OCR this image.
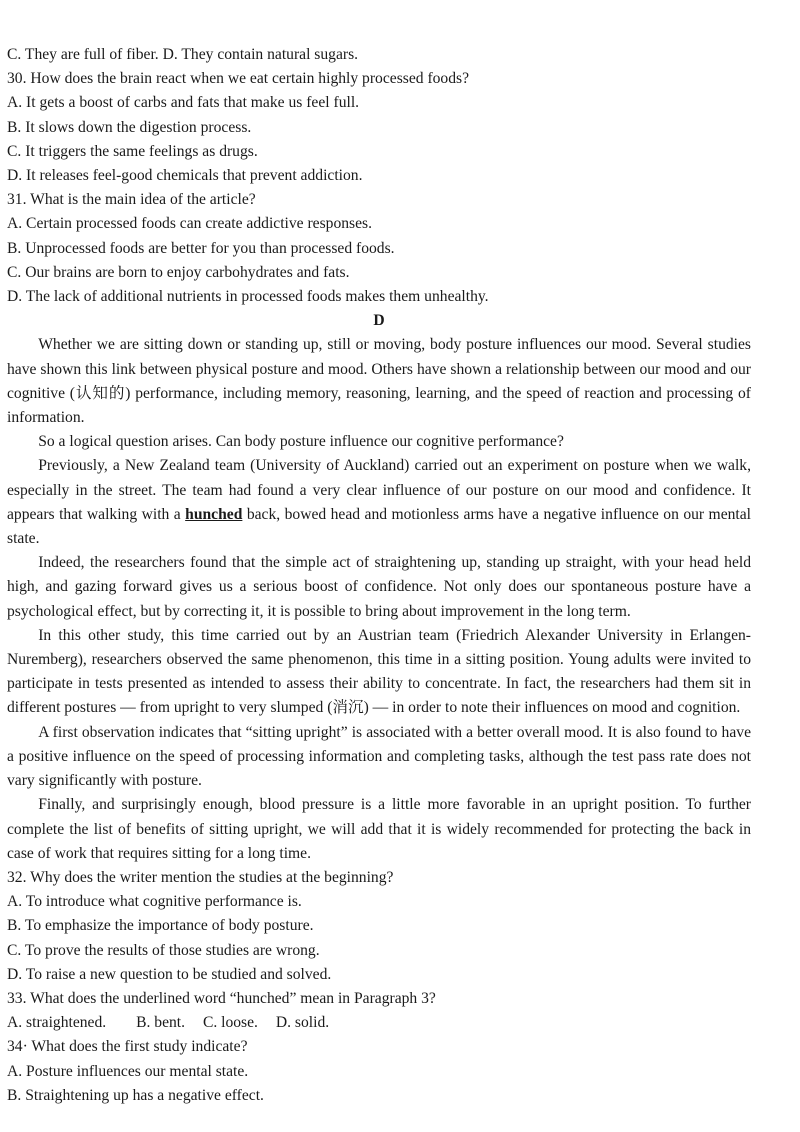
C. They are full of fiber. D. They contain natural sugars.
30. How does the brain react when we eat certain highly processed foods?
A. It gets a boost of carbs and fats that make us feel full.
B. It slows down the digestion process.
C. It triggers the same feelings as drugs.
D. It releases feel-good chemicals that prevent addiction.
31. What is the main idea of the article?
A. Certain processed foods can create addictive responses.
B. Unprocessed foods are better for you than processed foods.
C. Our brains are born to enjoy carbohydrates and fats.
D. The lack of additional nutrients in processed foods makes them unhealthy.
D

Whether we are sitting down or standing up, still or moving, body posture influences our mood. Several studies have shown this link between physical posture and mood. Others have shown a relationship between our mood and our cognitive (认知的) performance, including memory, reasoning, learning, and the speed of reaction and processing of information.

So a logical question arises. Can body posture influence our cognitive performance?

Previously, a New Zealand team (University of Auckland) carried out an experiment on posture when we walk, especially in the street. The team had found a very clear influence of our posture on our mood and confidence. It appears that walking with a hunched back, bowed head and motionless arms have a negative influence on our mental state.

Indeed, the researchers found that the simple act of straightening up, standing up straight, with your head held high, and gazing forward gives us a serious boost of confidence. Not only does our spontaneous posture have a psychological effect, but by correcting it, it is possible to bring about improvement in the long term.

In this other study, this time carried out by an Austrian team (Friedrich Alexander University in Erlangen-Nuremberg), researchers observed the same phenomenon, this time in a sitting position. Young adults were invited to participate in tests presented as intended to assess their ability to concentrate. In fact, the researchers had them sit in different postures — from upright to very slumped (消沉) — in order to note their influences on mood and cognition.

A first observation indicates that “sitting upright” is associated with a better overall mood. It is also found to have a positive influence on the speed of processing information and completing tasks, although the test pass rate does not vary significantly with posture.

Finally, and surprisingly enough, blood pressure is a little more favorable in an upright position. To further complete the list of benefits of sitting upright, we will add that it is widely recommended for protecting the back in case of work that requires sitting for a long time.

32. Why does the writer mention the studies at the beginning?
A. To introduce what cognitive performance is.
B. To emphasize the importance of body posture.
C. To prove the results of those studies are wrong.
D. To raise a new question to be studied and solved.
33. What does the underlined word “hunched” mean in Paragraph 3?
A. straightened. B. bent. C. loose. D. solid.
34· What does the first study indicate?
A. Posture influences our mental state.
B. Straightening up has a negative effect.
